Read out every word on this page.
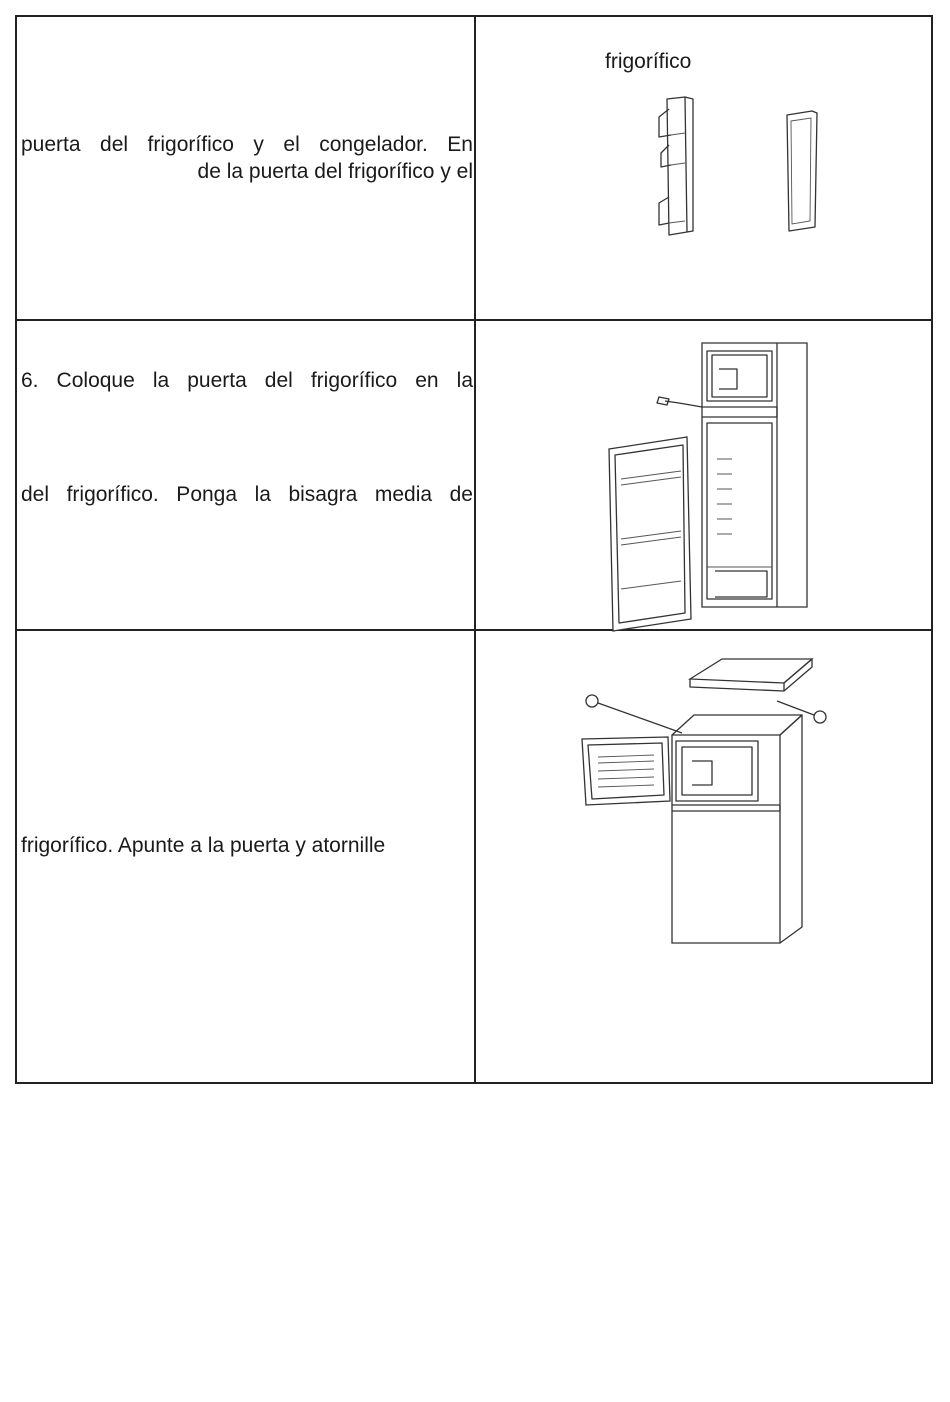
puerta del frigorífico y el congelador. En
de la puerta del frigorífico y el
frigorífico
6. Coloque la puerta del frigorífico en la
del frigorífico. Ponga la bisagra media de
frigorífico. Apunte a la puerta y atornille
